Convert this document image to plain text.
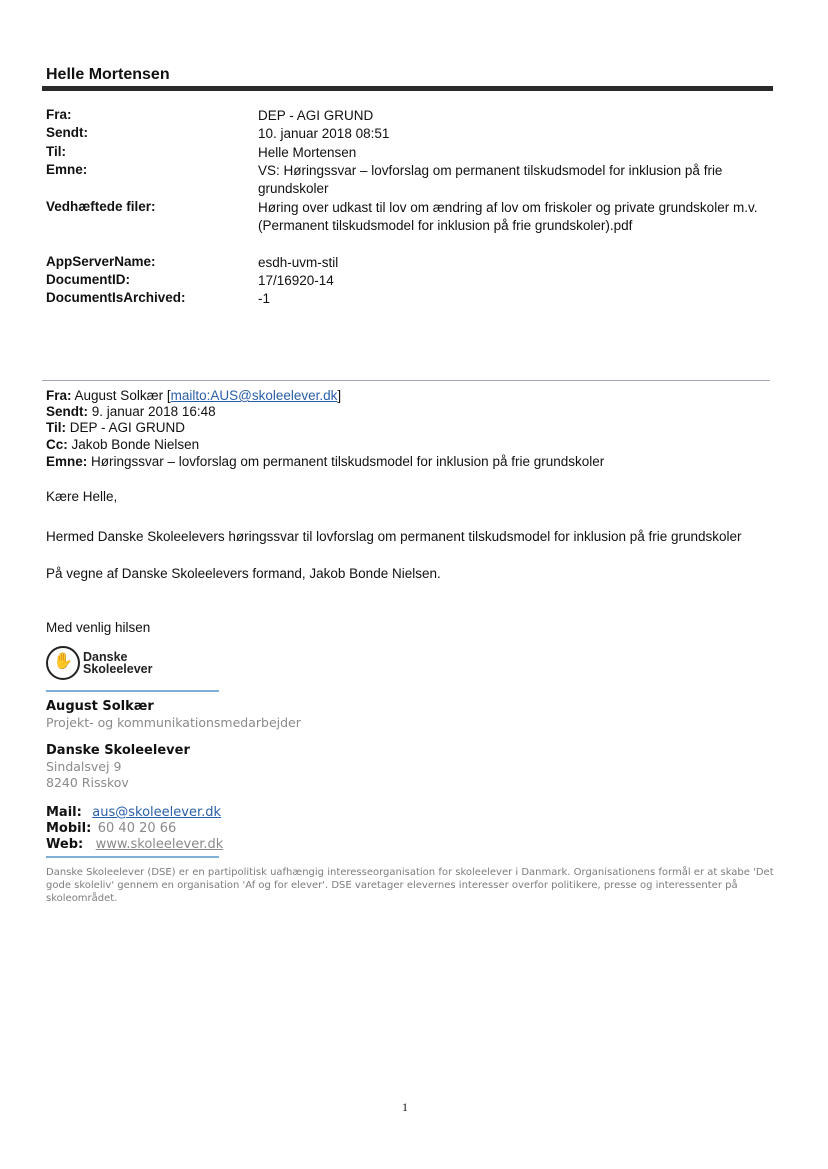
Helle Mortensen
Fra:	DEP - AGI GRUND
Sendt:	10. januar 2018 08:51
Til:	Helle Mortensen
Emne:	VS: Høringssvar – lovforslag om permanent tilskudsmodel for inklusion på frie grundskoler
Vedhæftede filer:	Høring over udkast til lov om ændring af lov om friskoler og private grundskoler m.v. (Permanent tilskudsmodel for inklusion på frie grundskoler).pdf
AppServerName:	esdh-uvm-stil
DocumentID:	17/16920-14
DocumentIsArchived:	-1
Fra: August Solkær [mailto:AUS@skoleelever.dk]
Sendt: 9. januar 2018 16:48
Til: DEP - AGI GRUND
Cc: Jakob Bonde Nielsen
Emne: Høringssvar – lovforslag om permanent tilskudsmodel for inklusion på frie grundskoler
Kære Helle,
Hermed Danske Skoleelevers høringssvar til lovforslag om permanent tilskudsmodel for inklusion på frie grundskoler
På vegne af Danske Skoleelevers formand, Jakob Bonde Nielsen.
Med venlig hilsen
✋ Danske
Skoleelever
August Solkær
Projekt- og kommunikationsmedarbejder
Danske Skoleelever
Sindalsvej 9
8240 Risskov
Mail: aus@skoleelever.dk
Mobil: 60 40 20 66
Web: www.skoleelever.dk
Danske Skoleelever (DSE) er en partipolitisk uafhængig interesseorganisation for skoleelever i Danmark. Organisationens formål er at skabe 'Det gode skoleliv' gennem en organisation 'Af og for elever'. DSE varetager elevernes interesser overfor politikere, presse og interessenter på skoleområdet.
1
